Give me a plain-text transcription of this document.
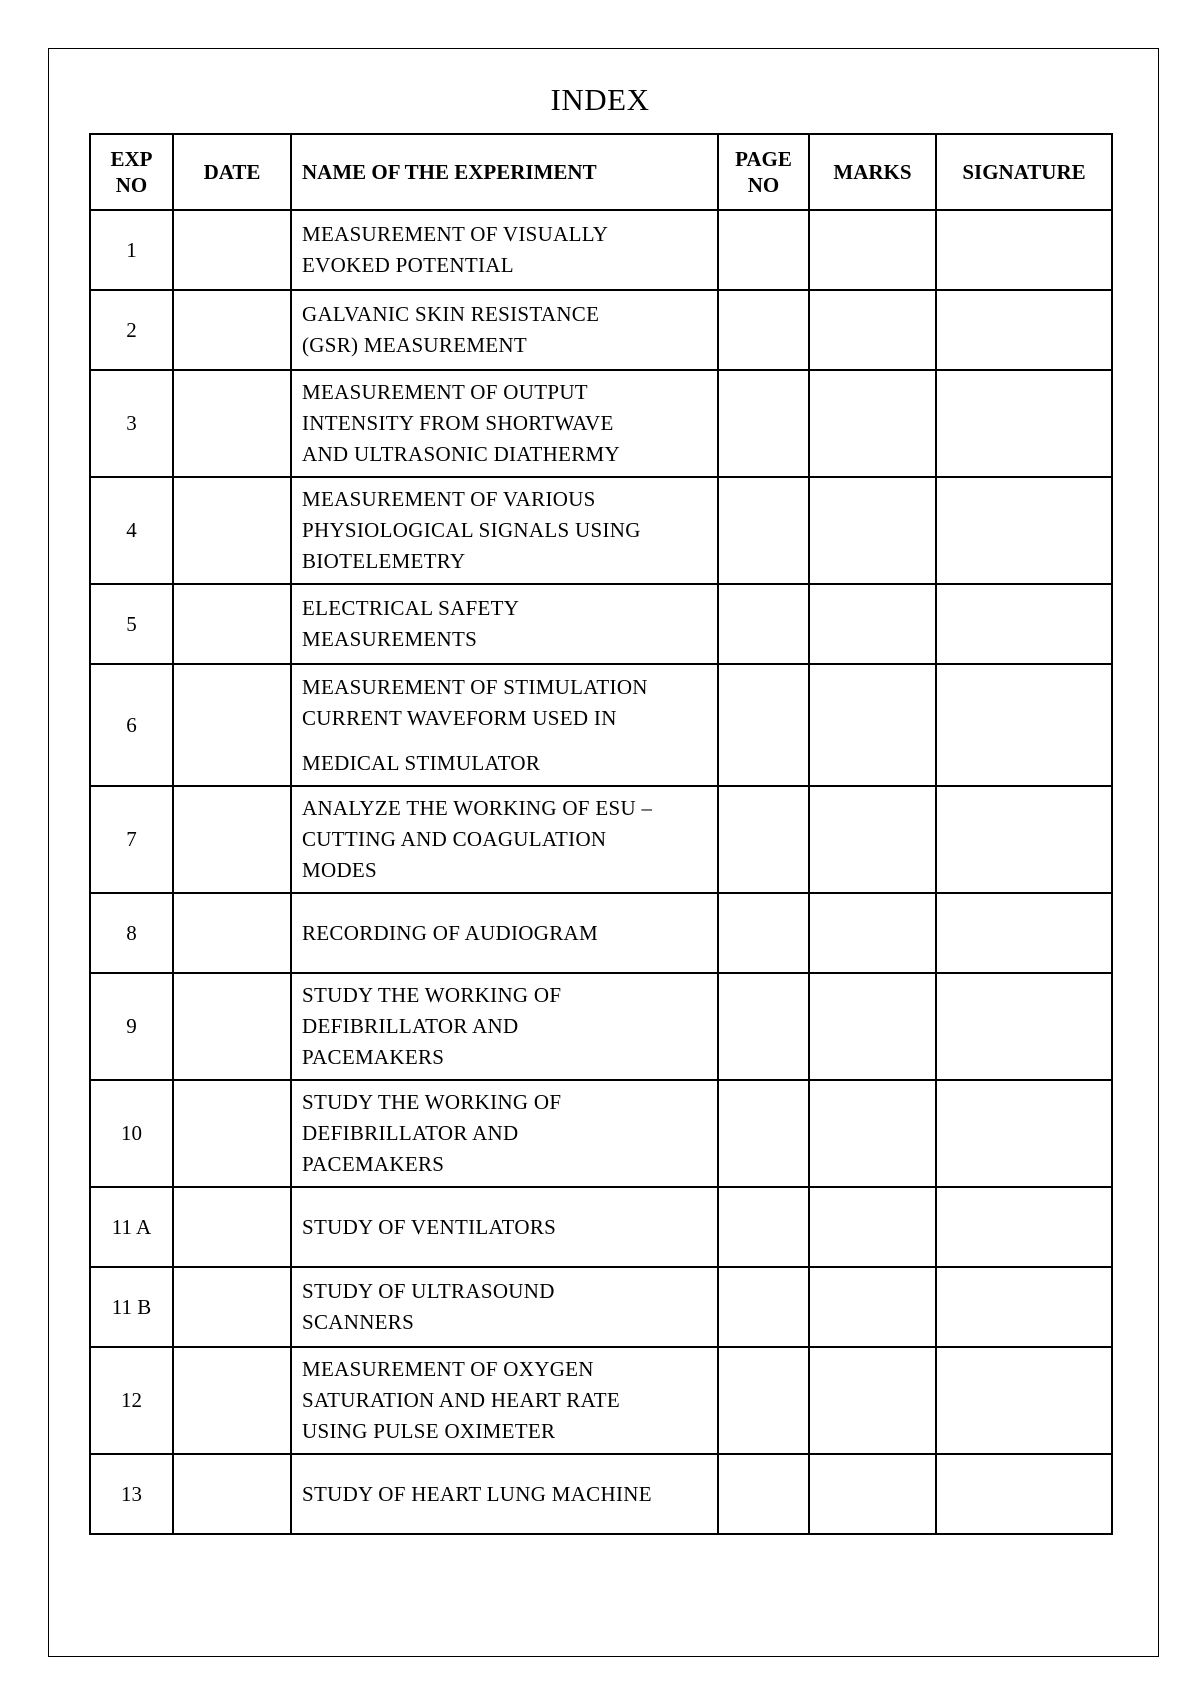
INDEX
EXP NO	DATE	NAME OF THE EXPERIMENT	PAGE NO	MARKS	SIGNATURE
1		MEASUREMENT OF VISUALLY
EVOKED POTENTIAL			

2		GALVANIC SKIN RESISTANCE
(GSR) MEASUREMENT			

3		MEASUREMENT OF OUTPUT
INTENSITY FROM SHORTWAVE
AND ULTRASONIC DIATHERMY			

4		MEASUREMENT OF VARIOUS
PHYSIOLOGICAL SIGNALS USING
BIOTELEMETRY			

5		ELECTRICAL SAFETY
MEASUREMENTS			

6		MEASUREMENT OF STIMULATION
CURRENT WAVEFORM USED IN
MEDICAL STIMULATOR			

7		ANALYZE THE WORKING OF ESU –
CUTTING AND COAGULATION
MODES			

8		RECORDING OF AUDIOGRAM			

9		STUDY THE WORKING OF
DEFIBRILLATOR AND
PACEMAKERS			

10		STUDY THE WORKING OF
DEFIBRILLATOR AND
PACEMAKERS			

11 A		STUDY OF VENTILATORS			

11 B		STUDY OF ULTRASOUND
SCANNERS			

12		MEASUREMENT OF OXYGEN
SATURATION AND HEART RATE
USING PULSE OXIMETER			

13		STUDY OF HEART LUNG MACHINE			
